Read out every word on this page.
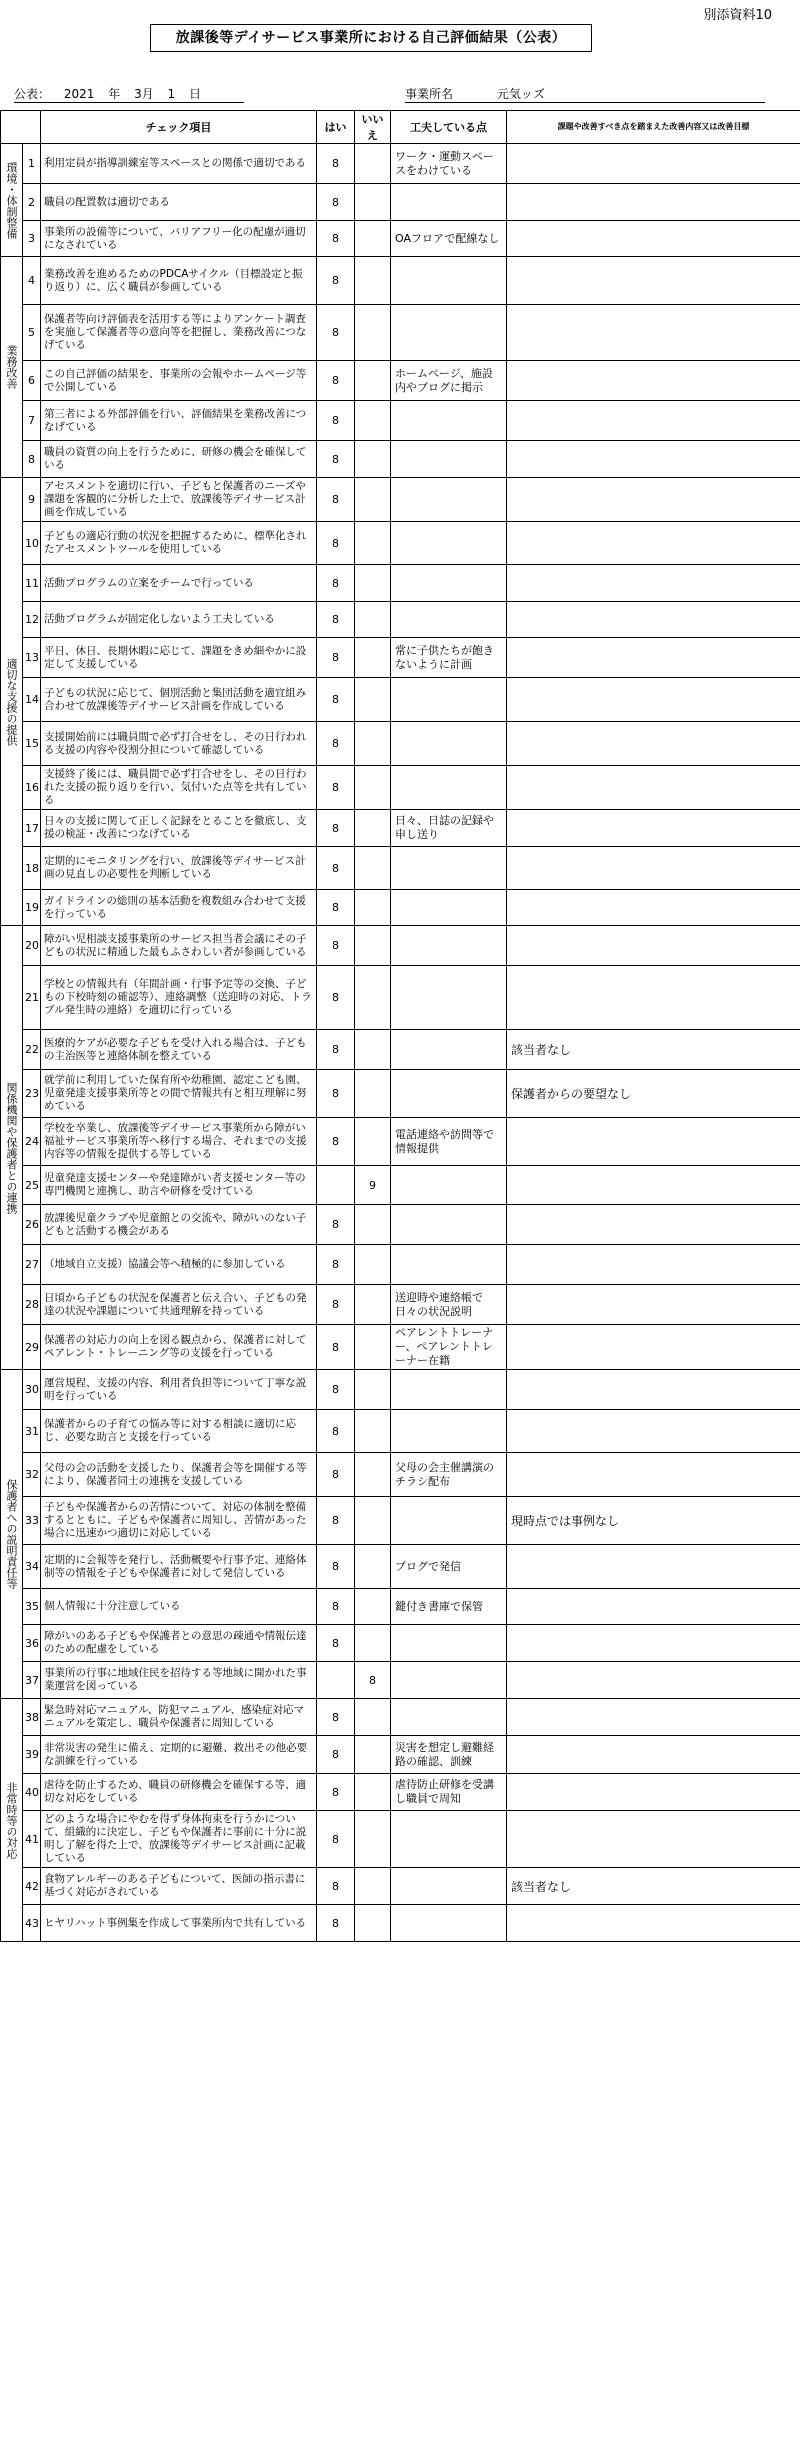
別添資料10
放課後等デイサービス事業所における自己評価結果（公表）
公表： 2021 年 3月 1 日	事業所名	元気ッズ
		チェック項目	はい	いいえ	工夫している点	課題や改善すべき点を踏まえた改善内容又は改善目標
環境・体制整備	1	利用定員が指導訓練室等スペースとの関係で適切である	8		ワーク・運動スペースをわけている	
	2	職員の配置数は適切である	8			
	3	事業所の設備等について、バリアフリー化の配慮が適切になされている	8		OAフロアで配線なし	
業務改善	4	業務改善を進めるためのPDCAサイクル（目標設定と振り返り）に、広く職員が参画している	8			
	5	保護者等向け評価表を活用する等によりアンケート調査を実施して保護者等の意向等を把握し、業務改善につなげている	8			
	6	この自己評価の結果を、事業所の会報やホームページ等で公開している	8		ホームページ、施設内やブログに掲示	
	7	第三者による外部評価を行い、評価結果を業務改善につなげている	8			
	8	職員の資質の向上を行うために、研修の機会を確保している	8			
適切な支援の提供	9	アセスメントを適切に行い、子どもと保護者のニーズや課題を客観的に分析した上で、放課後等デイサービス計画を作成している	8			
	10	子どもの適応行動の状況を把握するために、標準化されたアセスメントツールを使用している	8			
	11	活動プログラムの立案をチームで行っている	8			
	12	活動プログラムが固定化しないよう工夫している	8			
	13	平日、休日、長期休暇に応じて、課題をきめ細やかに設定して支援している	8		常に子供たちが飽きないように計画	
	14	子どもの状況に応じて、個別活動と集団活動を適宜組み合わせて放課後等デイサービス計画を作成している	8			
	15	支援開始前には職員間で必ず打合せをし、その日行われる支援の内容や役割分担について確認している	8			
	16	支援終了後には、職員間で必ず打合せをし、その日行われた支援の振り返りを行い、気付いた点等を共有している	8			
	17	日々の支援に関して正しく記録をとることを徹底し、支援の検証・改善につなげている	8		日々、日誌の記録や申し送り	
	18	定期的にモニタリングを行い、放課後等デイサービス計画の見直しの必要性を判断している	8			
	19	ガイドラインの総則の基本活動を複数組み合わせて支援を行っている	8			
関係機関や保護者との連携	20	障がい児相談支援事業所のサービス担当者会議にその子どもの状況に精通した最もふさわしい者が参画している	8			
	21	学校との情報共有（年間計画・行事予定等の交換、子どもの下校時刻の確認等）、連絡調整（送迎時の対応、トラブル発生時の連絡）を適切に行っている	8			
	22	医療的ケアが必要な子どもを受け入れる場合は、子どもの主治医等と連絡体制を整えている	8			該当者なし
	23	就学前に利用していた保育所や幼稚園、認定こども園、児童発達支援事業所等との間で情報共有と相互理解に努めている	8			保護者からの要望なし
	24	学校を卒業し、放課後等デイサービス事業所から障がい福祉サービス事業所等へ移行する場合、それまでの支援内容等の情報を提供する等している	8		電話連絡や訪問等で情報提供	
	25	児童発達支援センターや発達障がい者支援センター等の専門機関と連携し、助言や研修を受けている		9		
	26	放課後児童クラブや児童館との交流や、障がいのない子どもと活動する機会がある	8			
	27	（地域自立支援）協議会等へ積極的に参加している	8			
	28	日頃から子どもの状況を保護者と伝え合い、子どもの発達の状況や課題について共通理解を持っている	8		送迎時や連絡帳で日々の状況説明	
	29	保護者の対応力の向上を図る観点から、保護者に対してペアレント・トレーニング等の支援を行っている	8		ペアレントトレーナー、ペアレントトレーナー在籍	
保護者への説明責任等	30	運営規程、支援の内容、利用者負担等について丁寧な説明を行っている	8			
	31	保護者からの子育ての悩み等に対する相談に適切に応じ、必要な助言と支援を行っている	8			
	32	父母の会の活動を支援したり、保護者会等を開催する等により、保護者同士の連携を支援している	8		父母の会主催講演のチラシ配布	
	33	子どもや保護者からの苦情について、対応の体制を整備するとともに、子どもや保護者に周知し、苦情があった場合に迅速かつ適切に対応している	8			現時点では事例なし
	34	定期的に会報等を発行し、活動概要や行事予定、連絡体制等の情報を子どもや保護者に対して発信している	8		ブログで発信	
	35	個人情報に十分注意している	8		鍵付き書庫で保管	
	36	障がいのある子どもや保護者との意思の疎通や情報伝達のための配慮をしている	8			
	37	事業所の行事に地域住民を招待する等地域に開かれた事業運営を図っている		8		
非常時等の対応	38	緊急時対応マニュアル、防犯マニュアル、感染症対応マニュアルを策定し、職員や保護者に周知している	8			
	39	非常災害の発生に備え、定期的に避難、救出その他必要な訓練を行っている	8		災害を想定し避難経路の確認、訓練	
	40	虐待を防止するため、職員の研修機会を確保する等、適切な対応をしている	8		虐待防止研修を受講し職員で周知	
	41	どのような場合にやむを得ず身体拘束を行うかについて、組織的に決定し、子どもや保護者に事前に十分に説明し了解を得た上で、放課後等デイサービス計画に記載している	8			
	42	食物アレルギーのある子どもについて、医師の指示書に基づく対応がされている	8			該当者なし
	43	ヒヤリハット事例集を作成して事業所内で共有している	8			
